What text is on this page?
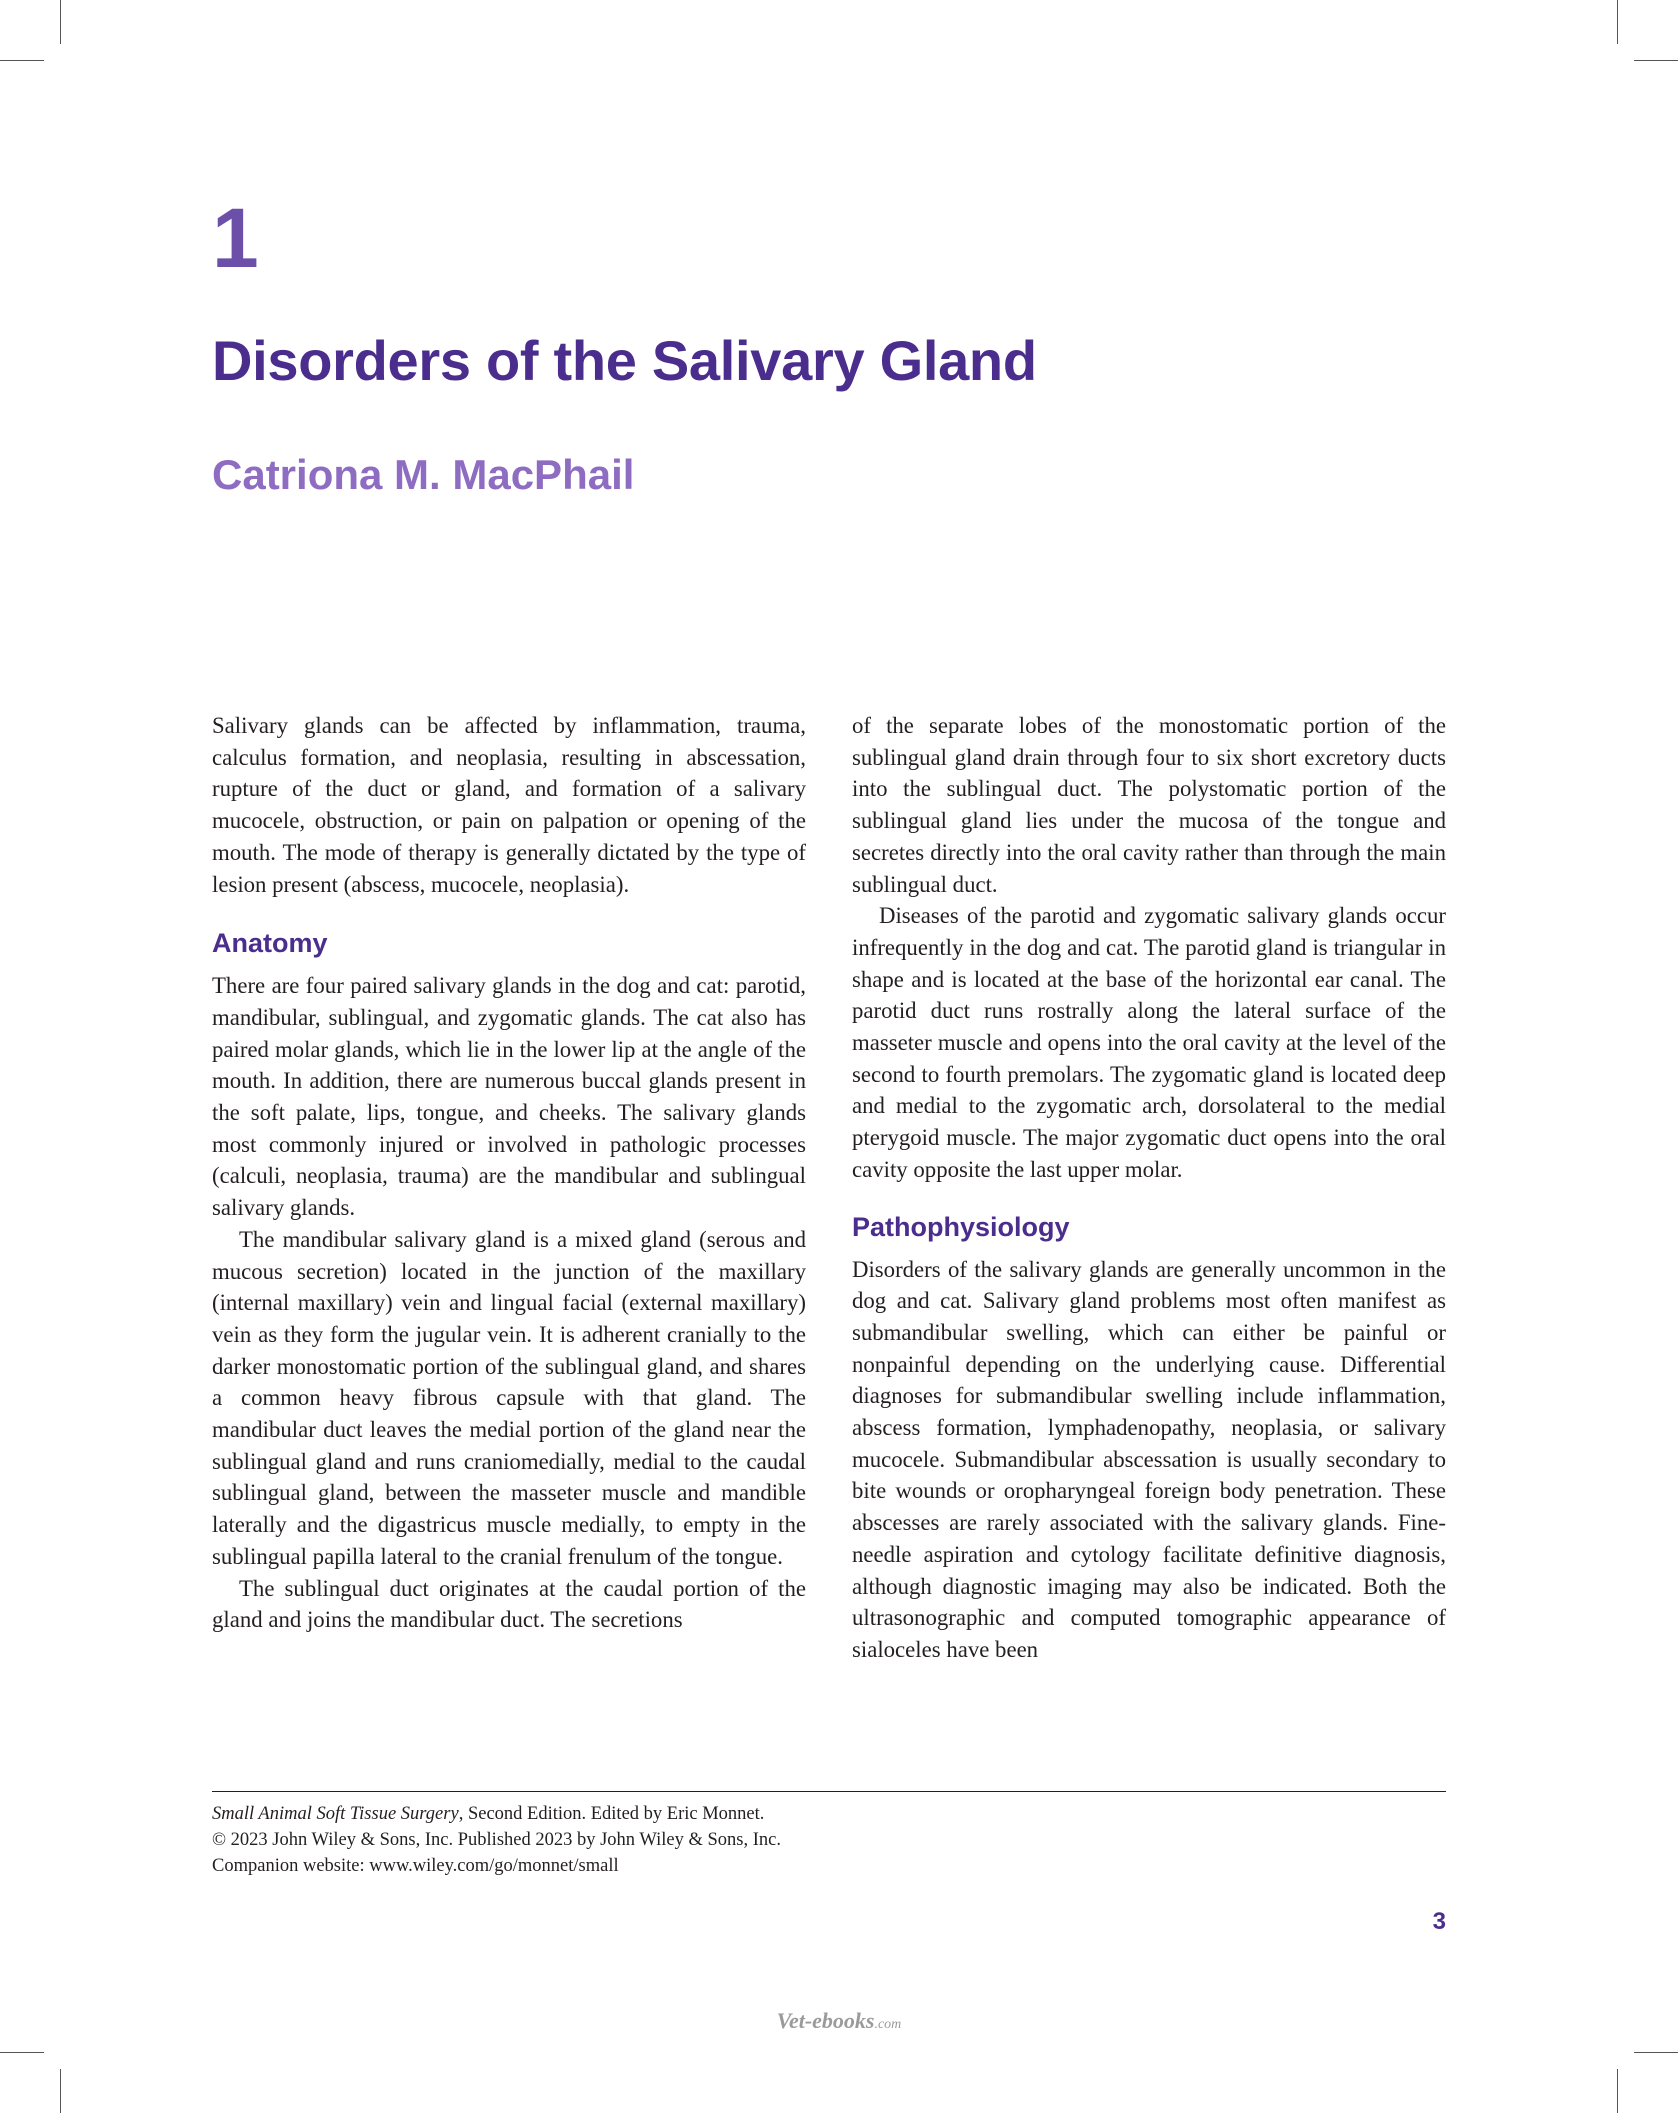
1
Disorders of the Salivary Gland
Catriona M. MacPhail

Salivary glands can be affected by inflammation, trauma, calculus formation, and neoplasia, resulting in abscessation, rupture of the duct or gland, and formation of a salivary mucocele, obstruction, or pain on palpation or opening of the mouth. The mode of therapy is generally dictated by the type of lesion present (abscess, mucocele, neoplasia).

Anatomy

There are four paired salivary glands in the dog and cat: parotid, mandibular, sublingual, and zygomatic glands. The cat also has paired molar glands, which lie in the lower lip at the angle of the mouth. In addition, there are numerous buccal glands present in the soft palate, lips, tongue, and cheeks. The salivary glands most commonly injured or involved in pathologic processes (calculi, neoplasia, trauma) are the mandibular and sublingual salivary glands.

The mandibular salivary gland is a mixed gland (serous and mucous secretion) located in the junction of the maxillary (internal maxillary) vein and lingual facial (external maxillary) vein as they form the jugular vein. It is adherent cranially to the darker monostomatic portion of the sublingual gland, and shares a common heavy fibrous capsule with that gland. The mandibular duct leaves the medial portion of the gland near the sublingual gland and runs craniomedially, medial to the caudal sublingual gland, between the masseter muscle and mandible laterally and the digastricus muscle medially, to empty in the sublingual papilla lateral to the cranial frenulum of the tongue.

The sublingual duct originates at the caudal portion of the gland and joins the mandibular duct. The secretions

of the separate lobes of the monostomatic portion of the sublingual gland drain through four to six short excretory ducts into the sublingual duct. The polystomatic portion of the sublingual gland lies under the mucosa of the tongue and secretes directly into the oral cavity rather than through the main sublingual duct.

Diseases of the parotid and zygomatic salivary glands occur infrequently in the dog and cat. The parotid gland is triangular in shape and is located at the base of the horizontal ear canal. The parotid duct runs rostrally along the lateral surface of the masseter muscle and opens into the oral cavity at the level of the second to fourth premolars. The zygomatic gland is located deep and medial to the zygomatic arch, dorsolateral to the medial pterygoid muscle. The major zygomatic duct opens into the oral cavity opposite the last upper molar.

Pathophysiology

Disorders of the salivary glands are generally uncommon in the dog and cat. Salivary gland problems most often manifest as submandibular swelling, which can either be painful or nonpainful depending on the underlying cause. Differential diagnoses for submandibular swelling include inflammation, abscess formation, lymphadenopathy, neoplasia, or salivary mucocele. Submandibular abscessation is usually secondary to bite wounds or oropharyngeal foreign body penetration. These abscesses are rarely associated with the salivary glands. Fine-needle aspiration and cytology facilitate definitive diagnosis, although diagnostic imaging may also be indicated. Both the ultrasonographic and computed tomographic appearance of sialoceles have been

Small Animal Soft Tissue Surgery, Second Edition. Edited by Eric Monnet.
© 2023 John Wiley & Sons, Inc. Published 2023 by John Wiley & Sons, Inc.
Companion website: www.wiley.com/go/monnet/small
3
Vet-ebooks.com
